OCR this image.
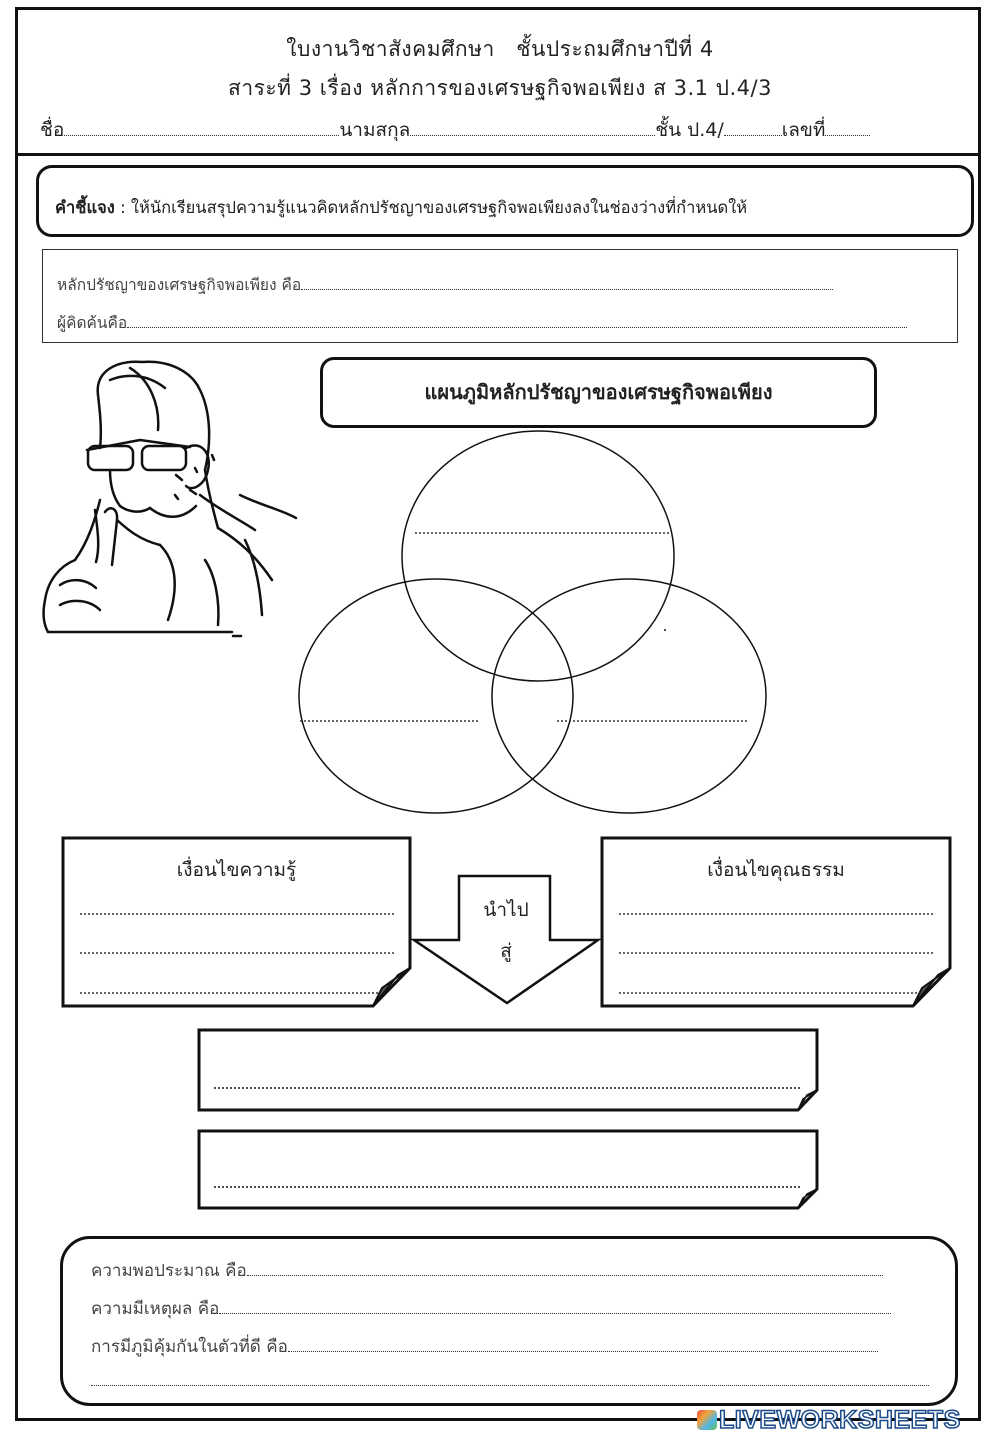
ใบงานวิชาสังคมศึกษา   ชั้นประถมศึกษาปีที่ 4
สาระที่ 3 เรื่อง หลักการของเศรษฐกิจพอเพียง ส 3.1 ป.4/3
ชื่อ	นามสกุล	ชั้น ป.4/	เลขที่
คำชี้แจง : ให้นักเรียนสรุปความรู้แนวคิดหลักปรัชญาของเศรษฐกิจพอเพียงลงในช่องว่างที่กำหนดให้
หลักปรัชญาของเศรษฐกิจพอเพียง คือ
ผู้คิดค้นคือ
แผนภูมิหลักปรัชญาของเศรษฐกิจพอเพียง
เงื่อนไขความรู้	เงื่อนไขคุณธรรม
นำไป
สู่
ความพอประมาณ คือ
ความมีเหตุผล คือ
การมีภูมิคุ้มกันในตัวที่ดี คือ
LIVEWORKSHEETS
